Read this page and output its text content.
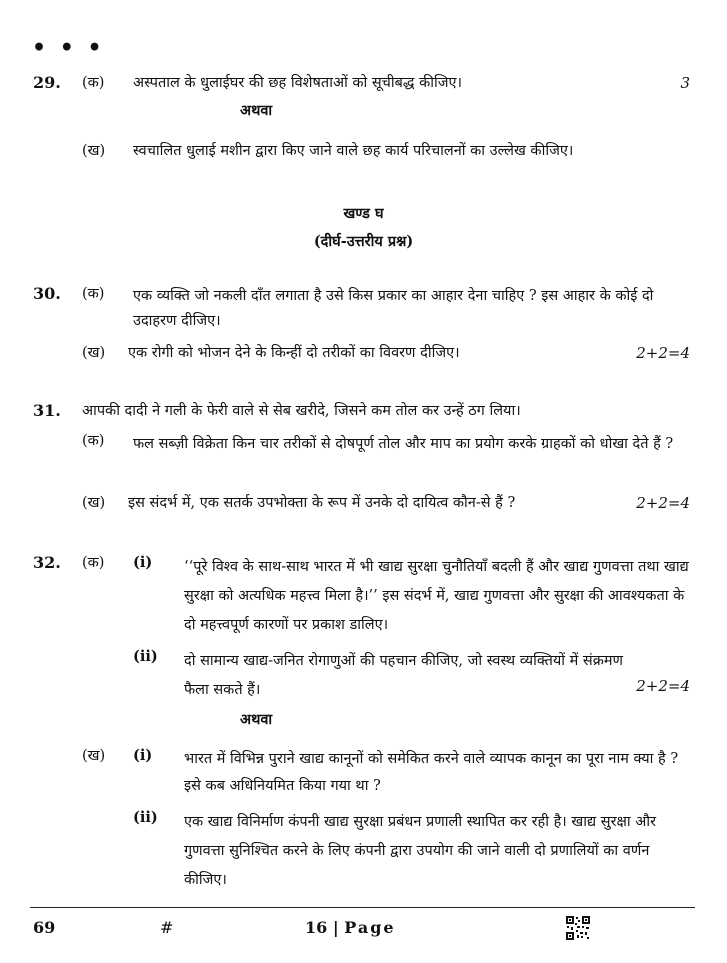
• • •
29. (क) अस्पताल के धुलाईघर की छह विशेषताओं को सूचीबद्ध कीजिए।	3
अथवा
(ख) स्वचालित धुलाई मशीन द्वारा किए जाने वाले छह कार्य परिचालनों का उल्लेख कीजिए।
खण्ड घ
(दीर्घ-उत्तरीय प्रश्न)
30. (क) एक व्यक्ति जो नकली दाँत लगाता है उसे किस प्रकार का आहार देना चाहिए ? इस आहार के कोई दो उदाहरण दीजिए।
(ख) एक रोगी को भोजन देने के किन्हीं दो तरीकों का विवरण दीजिए।	2+2=4
31. आपकी दादी ने गली के फेरी वाले से सेब खरीदे, जिसने कम तोल कर उन्हें ठग लिया।
(क) फल सब्ज़ी विक्रेता किन चार तरीकों से दोषपूर्ण तोल और माप का प्रयोग करके ग्राहकों को धोखा देते हैं ?
(ख) इस संदर्भ में, एक सतर्क उपभोक्ता के रूप में उनके दो दायित्व कौन-से हैं ?	2+2=4
32. (क) (i) ‘‘पूरे विश्व के साथ-साथ भारत में भी खाद्य सुरक्षा चुनौतियाँ बदली हैं और खाद्य गुणवत्ता तथा खाद्य सुरक्षा को अत्यधिक महत्त्व मिला है।’’ इस संदर्भ में, खाद्य गुणवत्ता और सुरक्षा की आवश्यकता के दो महत्त्वपूर्ण कारणों पर प्रकाश डालिए।
(ii) दो सामान्य खाद्य-जनित रोगाणुओं की पहचान कीजिए, जो स्वस्थ व्यक्तियों में संक्रमण फैला सकते हैं।	2+2=4
अथवा
(ख) (i) भारत में विभिन्न पुराने खाद्य कानूनों को समेकित करने वाले व्यापक कानून का पूरा नाम क्या है ? इसे कब अधिनियमित किया गया था ?
(ii) एक खाद्य विनिर्माण कंपनी खाद्य सुरक्षा प्रबंधन प्रणाली स्थापित कर रही है। खाद्य सुरक्षा और गुणवत्ता सुनिश्चित करने के लिए कंपनी द्वारा उपयोग की जाने वाली दो प्रणालियों का वर्णन कीजिए।
69	#	16 | Page
